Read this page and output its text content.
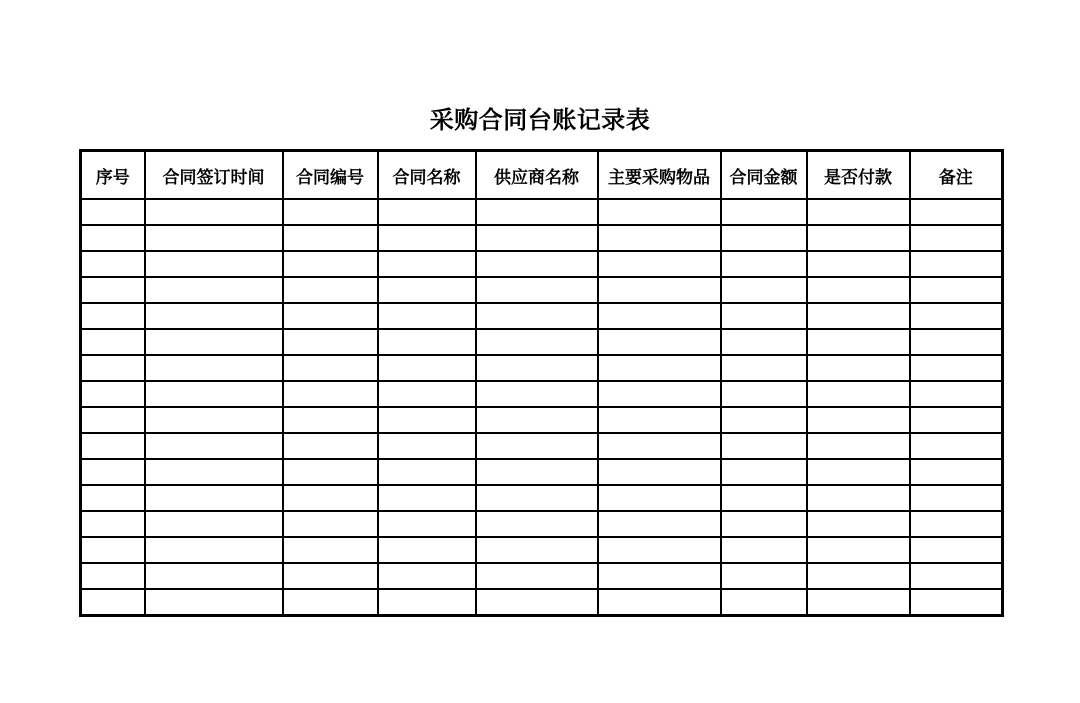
采购合同台账记录表
序号	合同签订时间	合同编号	合同名称	供应商名称	主要采购物品	合同金额	是否付款	备注
